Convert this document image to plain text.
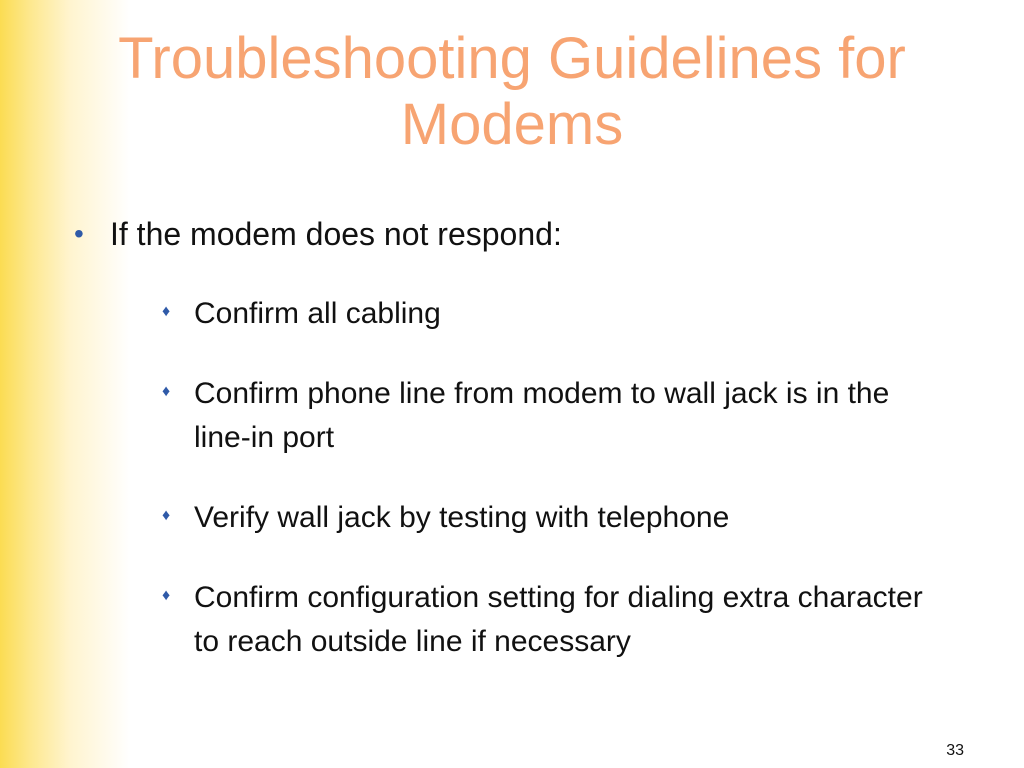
Troubleshooting Guidelines for Modems
• If the modem does not respond:
♦ Confirm all cabling
♦ Confirm phone line from modem to wall jack is in the line-in port
♦ Verify wall jack by testing with telephone
♦ Confirm configuration setting for dialing extra character to reach outside line if necessary
33
